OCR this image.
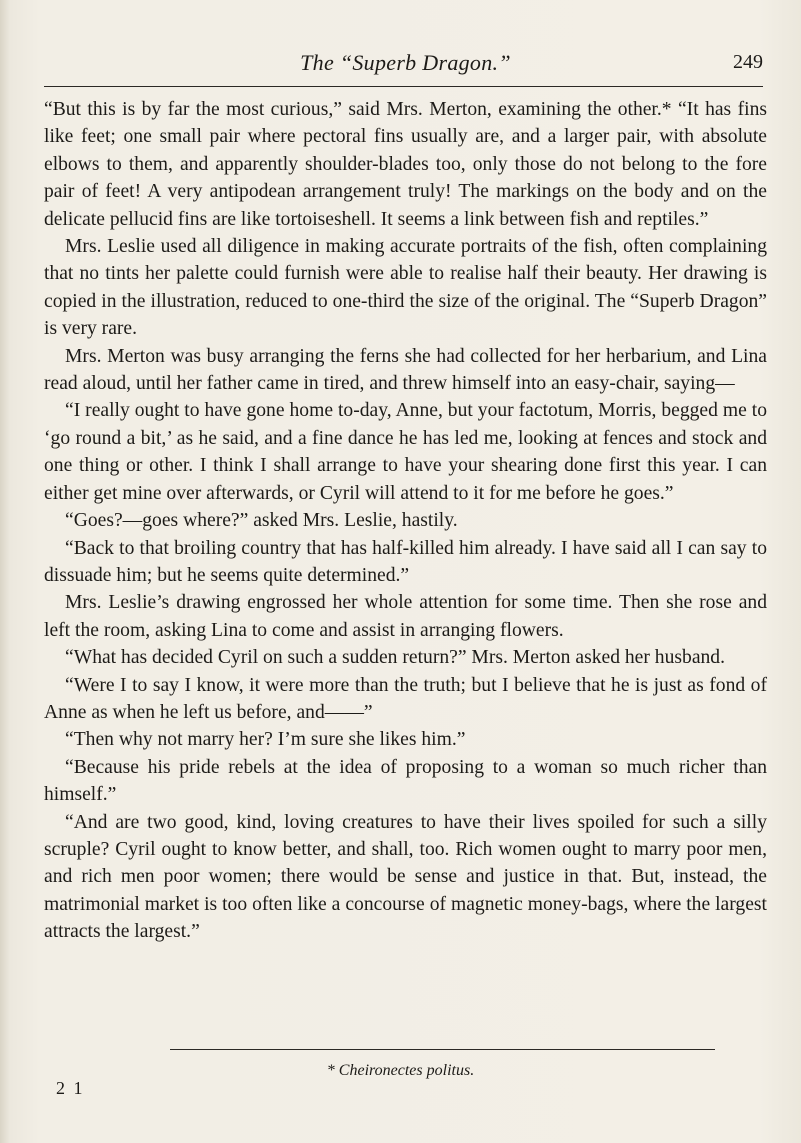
The “Superb Dragon.”	249

“But this is by far the most curious,” said Mrs. Merton, examining the other.* “It has fins like feet; one small pair where pectoral fins usually are, and a larger pair, with absolute elbows to them, and apparently shoulder-blades too, only those do not belong to the fore pair of feet! A very antipodean arrangement truly! The markings on the body and on the delicate pellucid fins are like tortoiseshell. It seems a link between fish and reptiles.”

Mrs. Leslie used all diligence in making accurate portraits of the fish, often complaining that no tints her palette could furnish were able to realise half their beauty. Her drawing is copied in the illustration, reduced to one-third the size of the original. The “Superb Dragon” is very rare.

Mrs. Merton was busy arranging the ferns she had collected for her herbarium, and Lina read aloud, until her father came in tired, and threw himself into an easy-chair, saying—

“I really ought to have gone home to-day, Anne, but your factotum, Morris, begged me to ‘go round a bit,’ as he said, and a fine dance he has led me, looking at fences and stock and one thing or other. I think I shall arrange to have your shearing done first this year. I can either get mine over afterwards, or Cyril will attend to it for me before he goes.”

“Goes?—goes where?” asked Mrs. Leslie, hastily.

“Back to that broiling country that has half-killed him already. I have said all I can say to dissuade him; but he seems quite determined.”

Mrs. Leslie’s drawing engrossed her whole attention for some time. Then she rose and left the room, asking Lina to come and assist in arranging flowers.

“What has decided Cyril on such a sudden return?” Mrs. Merton asked her husband.

“Were I to say I know, it were more than the truth; but I believe that he is just as fond of Anne as when he left us before, and——”

“Then why not marry her? I’m sure she likes him.”

“Because his pride rebels at the idea of proposing to a woman so much richer than himself.”

“And are two good, kind, loving creatures to have their lives spoiled for such a silly scruple? Cyril ought to know better, and shall, too. Rich women ought to marry poor men, and rich men poor women; there would be sense and justice in that. But, instead, the matrimonial market is too often like a concourse of magnetic money-bags, where the largest attracts the largest.”

* Cheironectes politus.
2 1
